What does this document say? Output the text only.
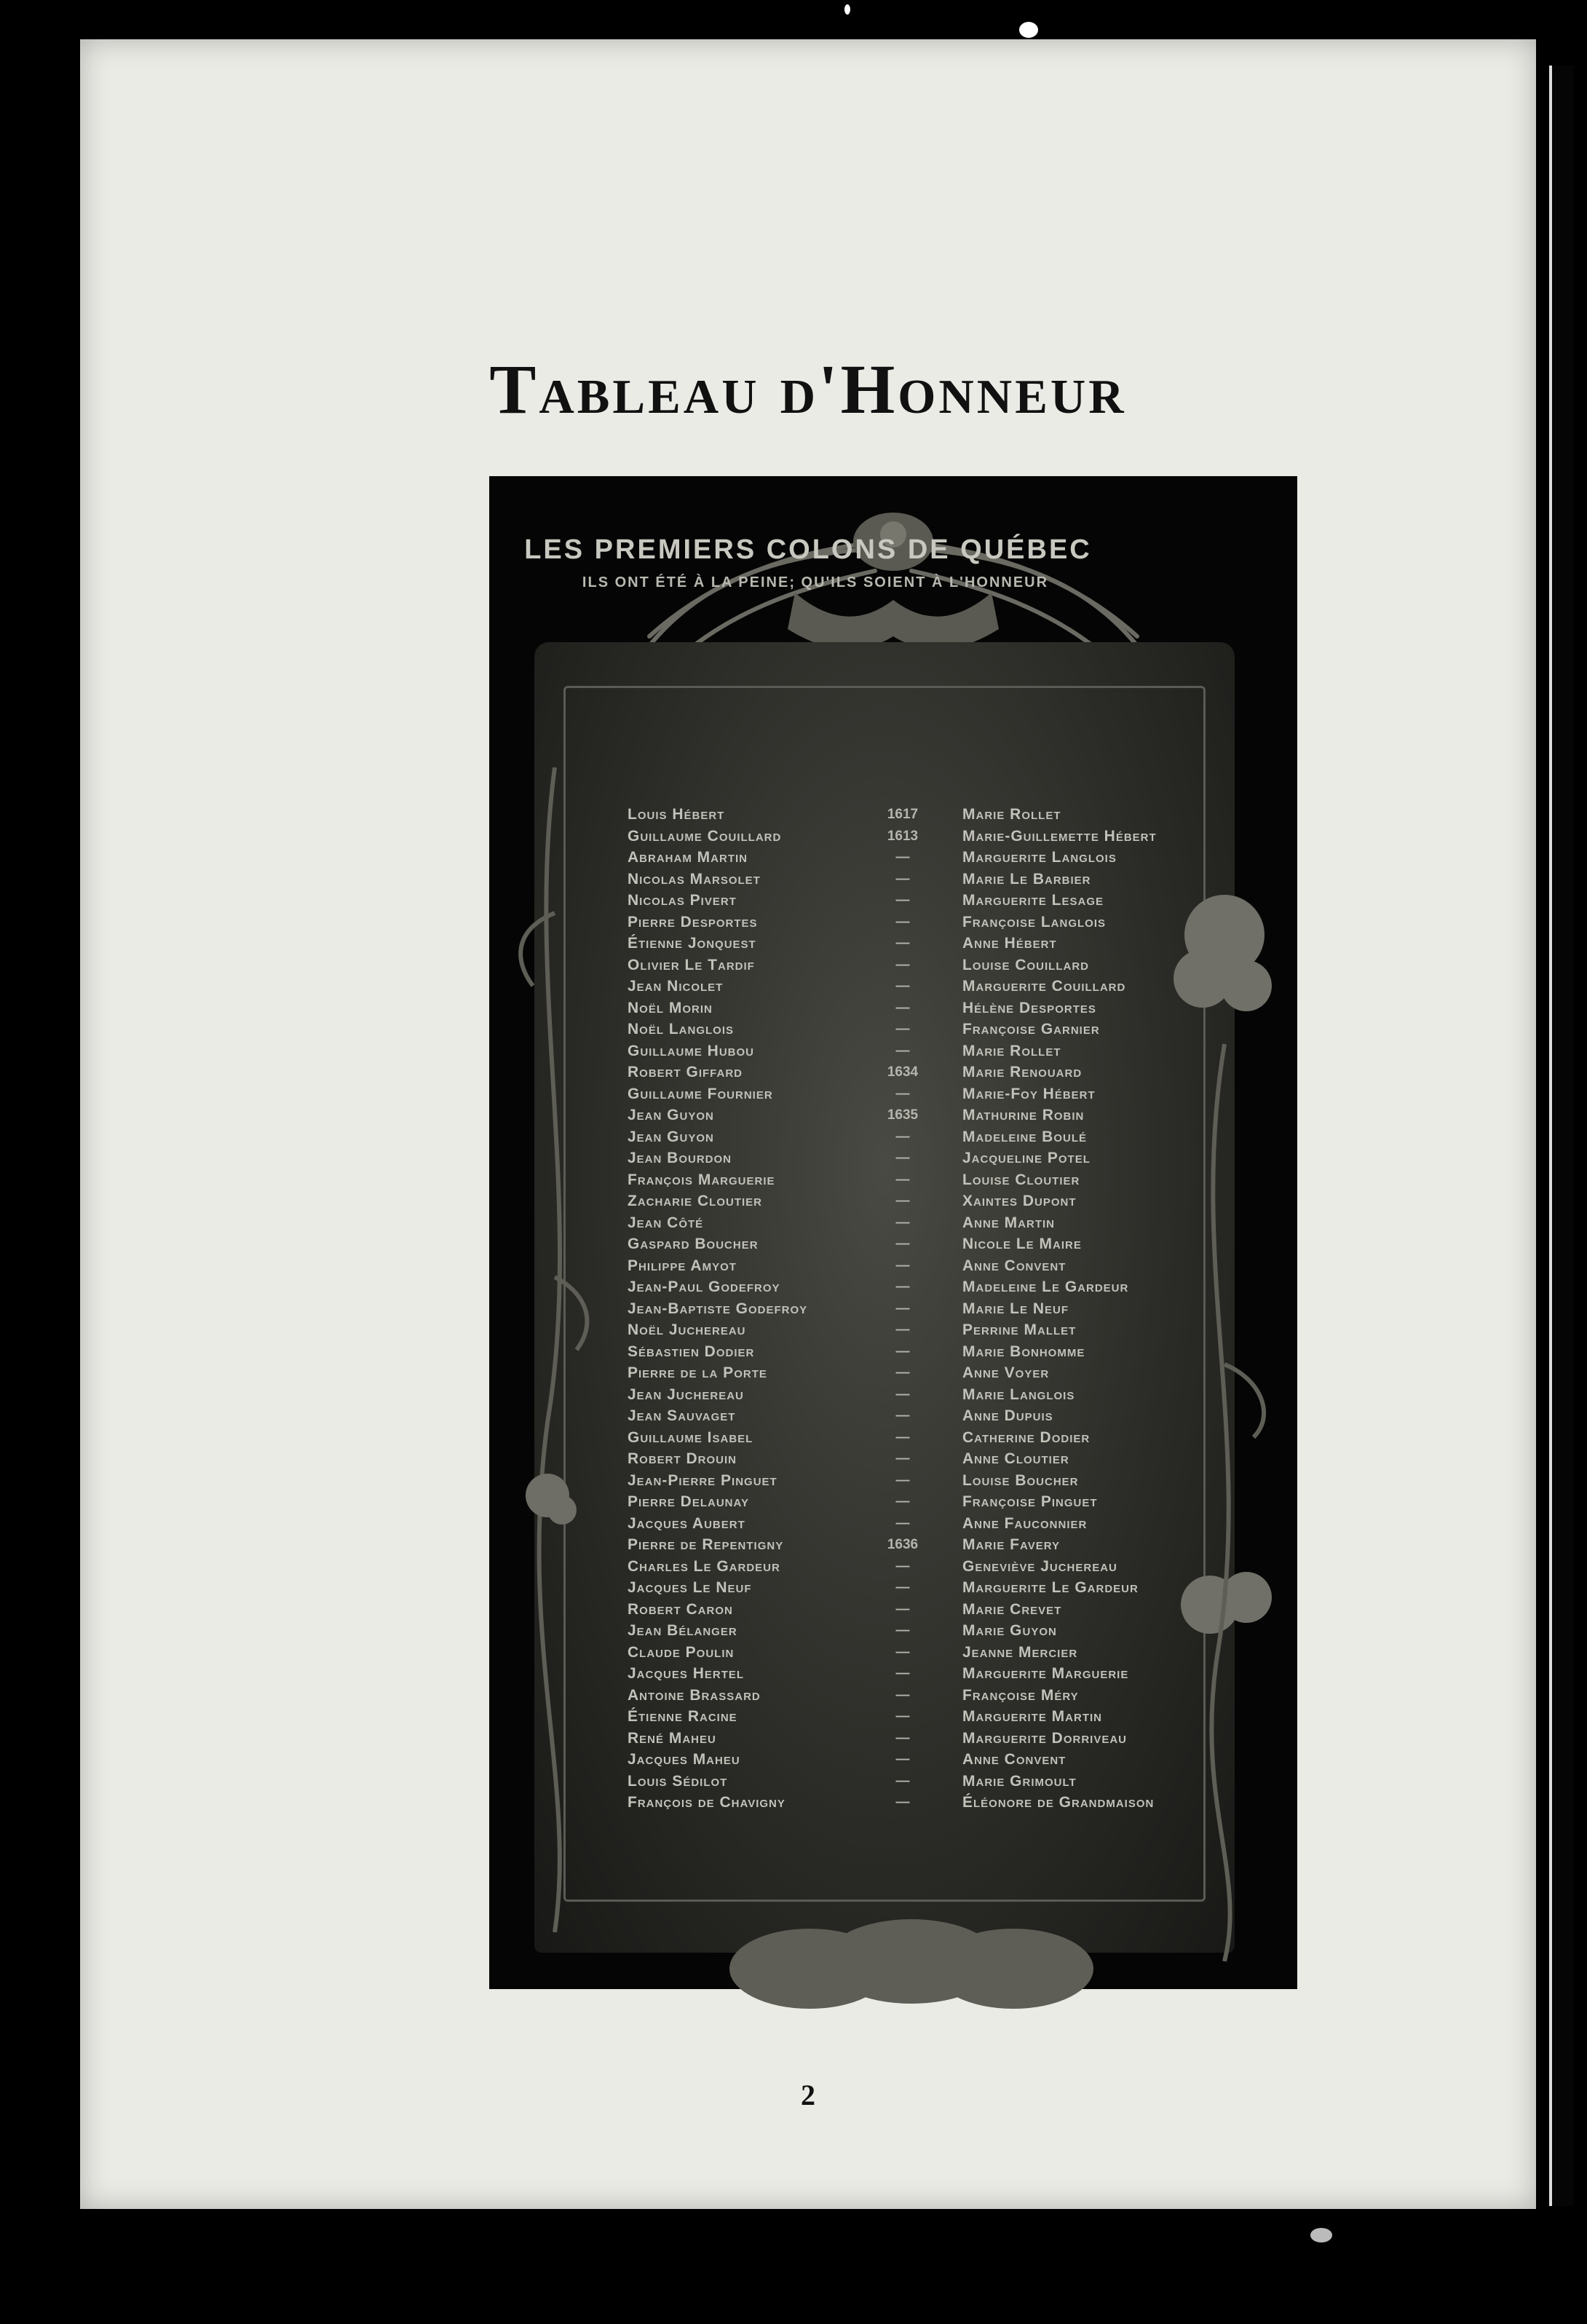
Tableau d'Honneur
LES PREMIERS COLONS DE QUÉBEC
ILS ONT ÉTÉ À LA PEINE; QU'ILS SOIENT À L'HONNEUR
Louis Hébert
Guillaume Couillard
Abraham Martin
Nicolas Marsolet
Nicolas Pivert
Pierre Desportes
Étienne Jonquest
Olivier Le Tardif
Jean Nicolet
Noël Morin
Noël Langlois
Guillaume Hubou
Robert Giffard
Guillaume Fournier
Jean Guyon
Jean Guyon
Jean Bourdon
François Marguerie
Zacharie Cloutier
Jean Côté
Gaspard Boucher
Philippe Amyot
Jean-Paul Godefroy
Jean-Baptiste Godefroy
Noël Juchereau
Sébastien Dodier
Pierre de la Porte
Jean Juchereau
Jean Sauvaget
Guillaume Isabel
Robert Drouin
Jean-Pierre Pinguet
Pierre Delaunay
Jacques Aubert
Pierre de Repentigny
Charles Le Gardeur
Jacques Le Neuf
Robert Caron
Jean Bélanger
Claude Poulin
Jacques Hertel
Antoine Brassard
Étienne Racine
René Maheu
Jacques Maheu
Louis Sédilot
François de Chavigny
1617
1613
—
—
—
—
—
—
—
—
—
—
1634
—
1635
—
—
—
—
—
—
—
—
—
—
—
—
—
—
—
—
—
—
—
1636
—
—
—
—
—
—
—
—
—
—
—
—
Marie Rollet
Marie-Guillemette Hébert
Marguerite Langlois
Marie Le Barbier
Marguerite Lesage
Françoise Langlois
Anne Hébert
Louise Couillard
Marguerite Couillard
Hélène Desportes
Françoise Garnier
Marie Rollet
Marie Renouard
Marie-Foy Hébert
Mathurine Robin
Madeleine Boulé
Jacqueline Potel
Louise Cloutier
Xaintes Dupont
Anne Martin
Nicole Le Maire
Anne Convent
Madeleine Le Gardeur
Marie Le Neuf
Perrine Mallet
Marie Bonhomme
Anne Voyer
Marie Langlois
Anne Dupuis
Catherine Dodier
Anne Cloutier
Louise Boucher
Françoise Pinguet
Anne Fauconnier
Marie Favery
Geneviève Juchereau
Marguerite Le Gardeur
Marie Crevet
Marie Guyon
Jeanne Mercier
Marguerite Marguerie
Françoise Méry
Marguerite Martin
Marguerite Dorriveau
Anne Convent
Marie Grimoult
Éléonore de Grandmaison
2
